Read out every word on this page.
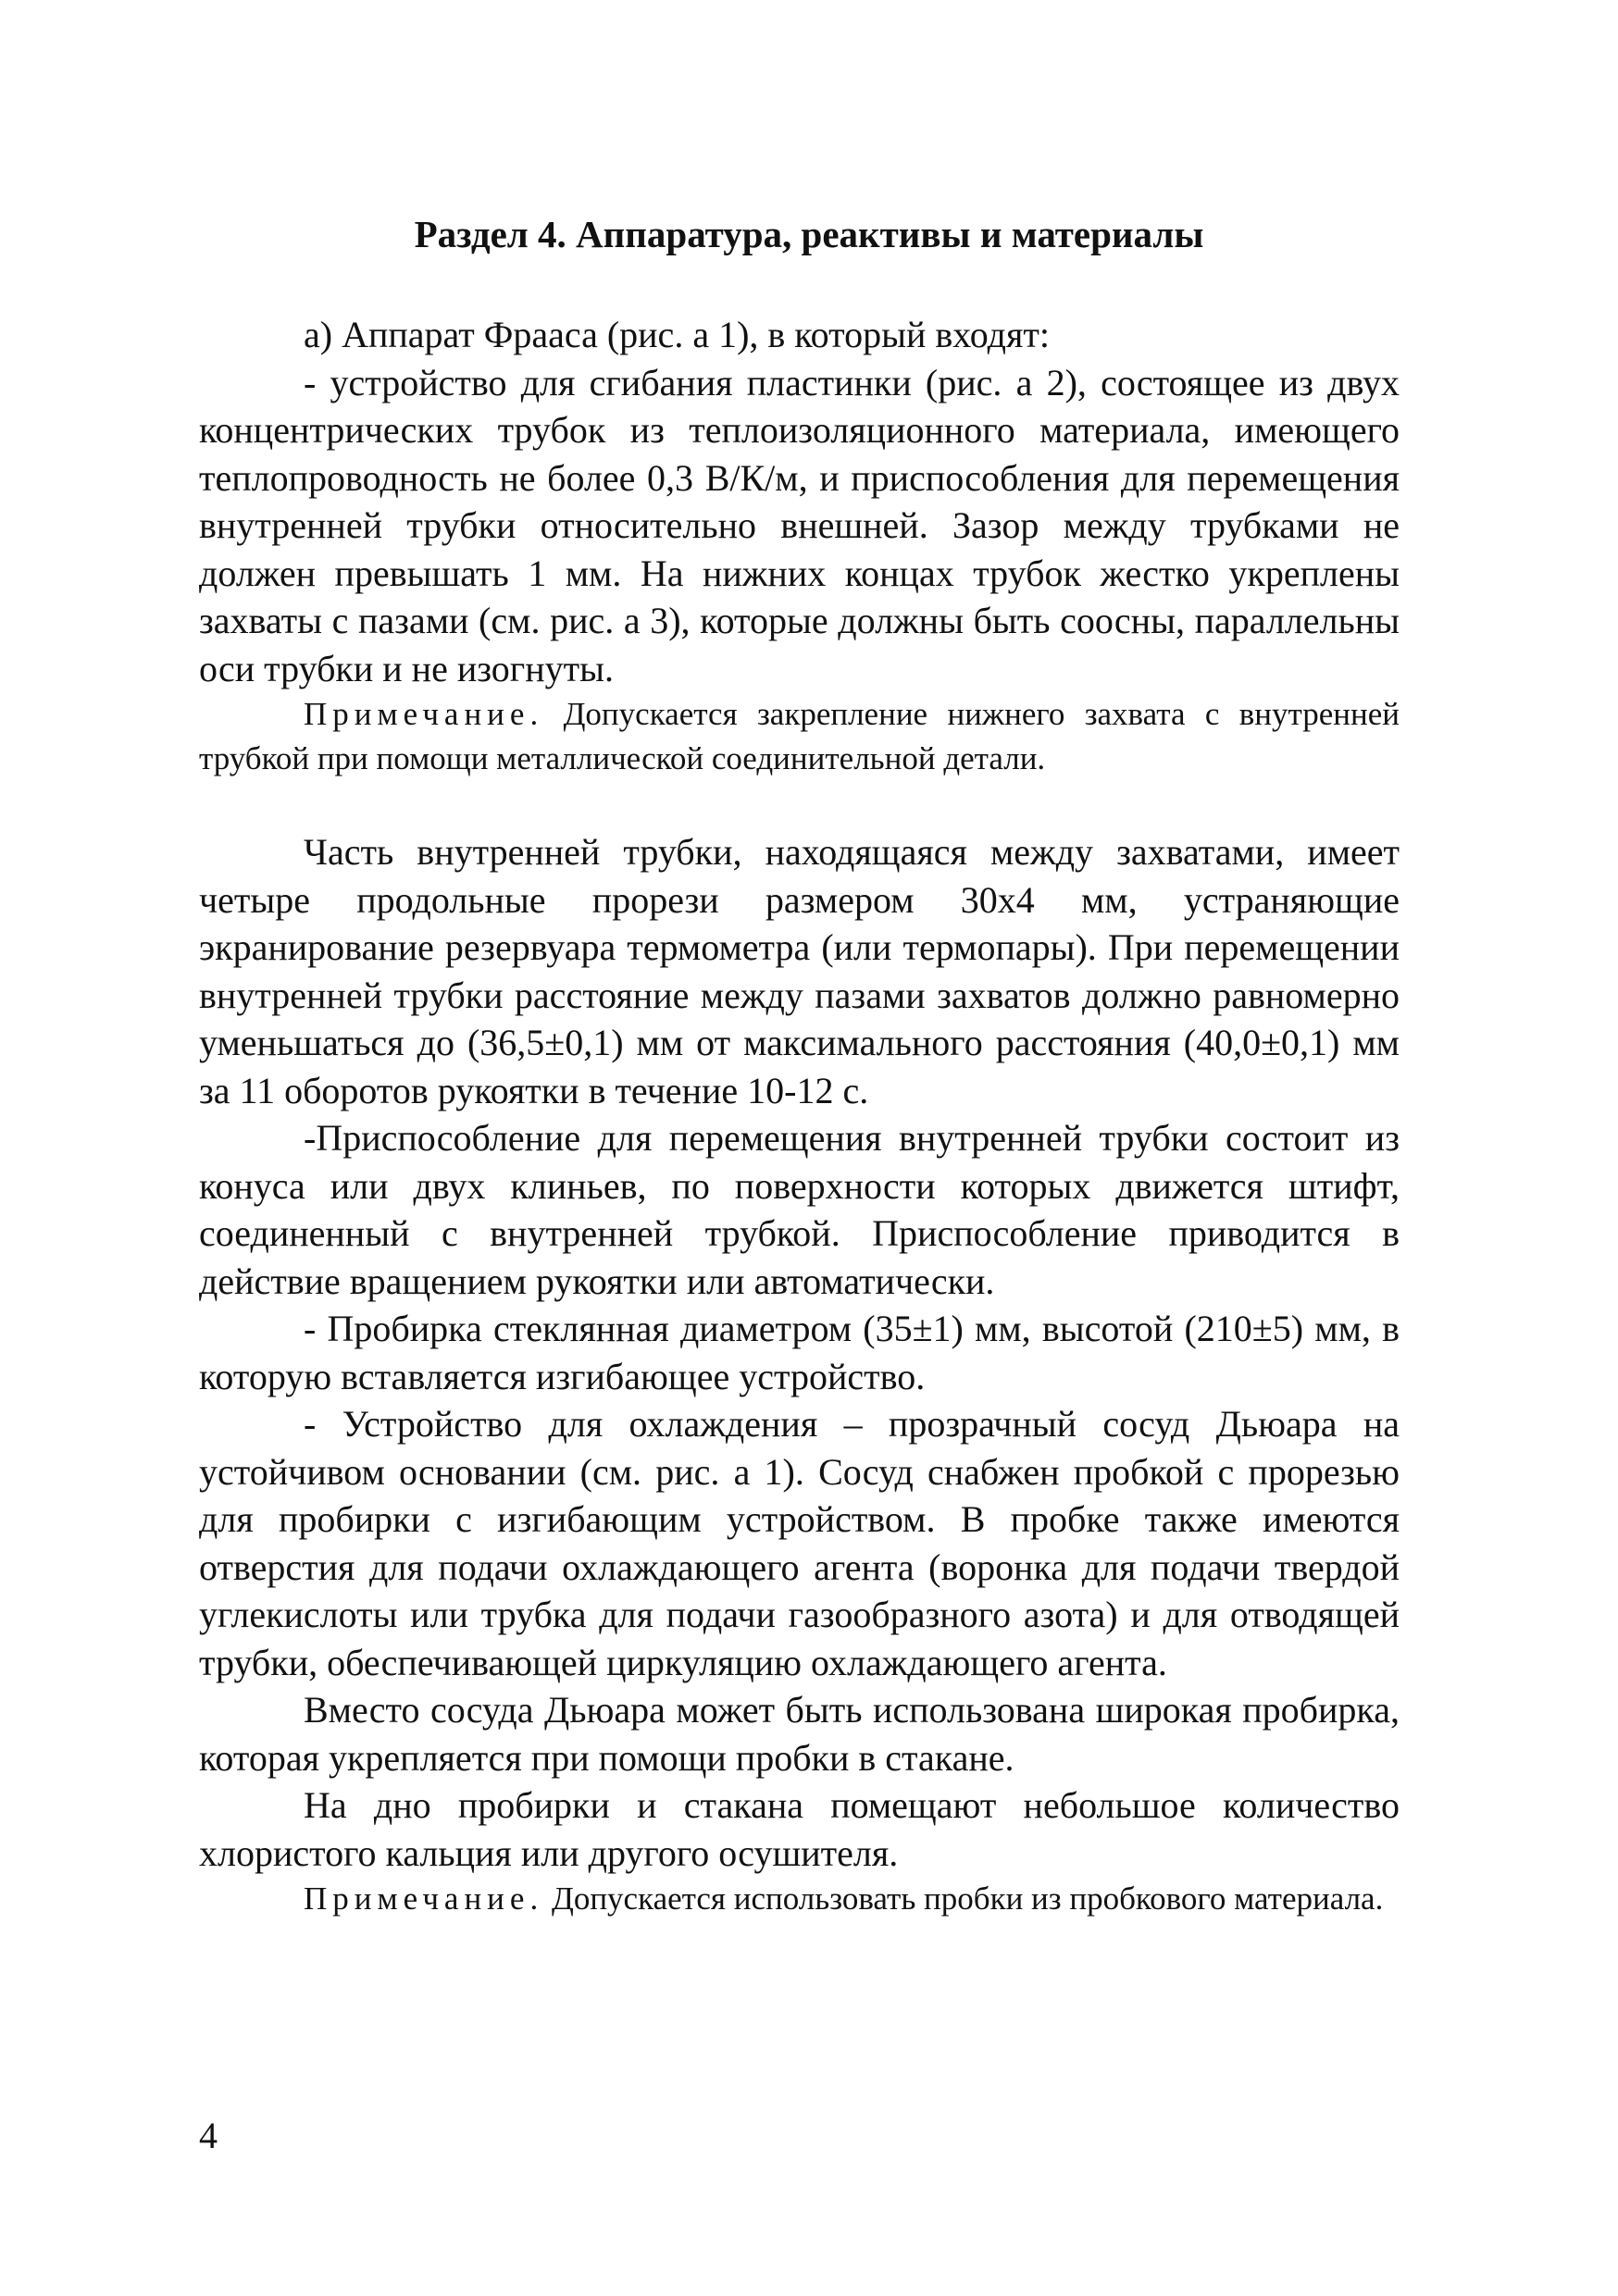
Раздел 4. Аппаратура, реактивы и материалы

а) Аппарат Фрааса (рис. а 1), в который входят:

- устройство для сгибания пластинки (рис. а 2), состоящее из двух концентрических трубок из теплоизоляционного материала, имеющего теплопроводность не более 0,3 В/К/м, и приспособления для перемещения внутренней трубки относительно внешней. Зазор между трубками не должен превышать 1 мм. На нижних концах трубок жестко укреплены захваты с пазами (см. рис. а 3), которые должны быть соосны, параллельны оси трубки и не изогнуты.

Примечание. Допускается закрепление нижнего захвата с внутренней трубкой при помощи металлической соединительной детали.

Часть внутренней трубки, находящаяся между захватами, имеет четыре продольные прорези размером 30х4 мм, устраняющие экранирование резервуара термометра (или термопары). При перемещении внутренней трубки расстояние между пазами захватов должно равномерно уменьшаться до (36,5±0,1) мм от максимального расстояния (40,0±0,1) мм за 11 оборотов рукоятки в течение 10-12 с.

-Приспособление для перемещения внутренней трубки состоит из конуса или двух клиньев, по поверхности которых движется штифт, соединенный с внутренней трубкой. Приспособление приводится в действие вращением рукоятки или автоматически.

- Пробирка стеклянная диаметром (35±1) мм, высотой (210±5) мм, в которую вставляется изгибающее устройство.

- Устройство для охлаждения – прозрачный сосуд Дьюара на устойчивом основании (см. рис. а 1). Сосуд снабжен пробкой с прорезью для пробирки с изгибающим устройством. В пробке также имеются отверстия для подачи охлаждающего агента (воронка для подачи твердой углекислоты или трубка для подачи газообразного азота) и для отводящей трубки, обеспечивающей циркуляцию охлаждающего агента.

Вместо сосуда Дьюара может быть использована широкая пробирка, которая укрепляется при помощи пробки в стакане.

На дно пробирки и стакана помещают небольшое количество хлористого кальция или другого осушителя.

Примечание. Допускается использовать пробки из пробкового материала.

4
